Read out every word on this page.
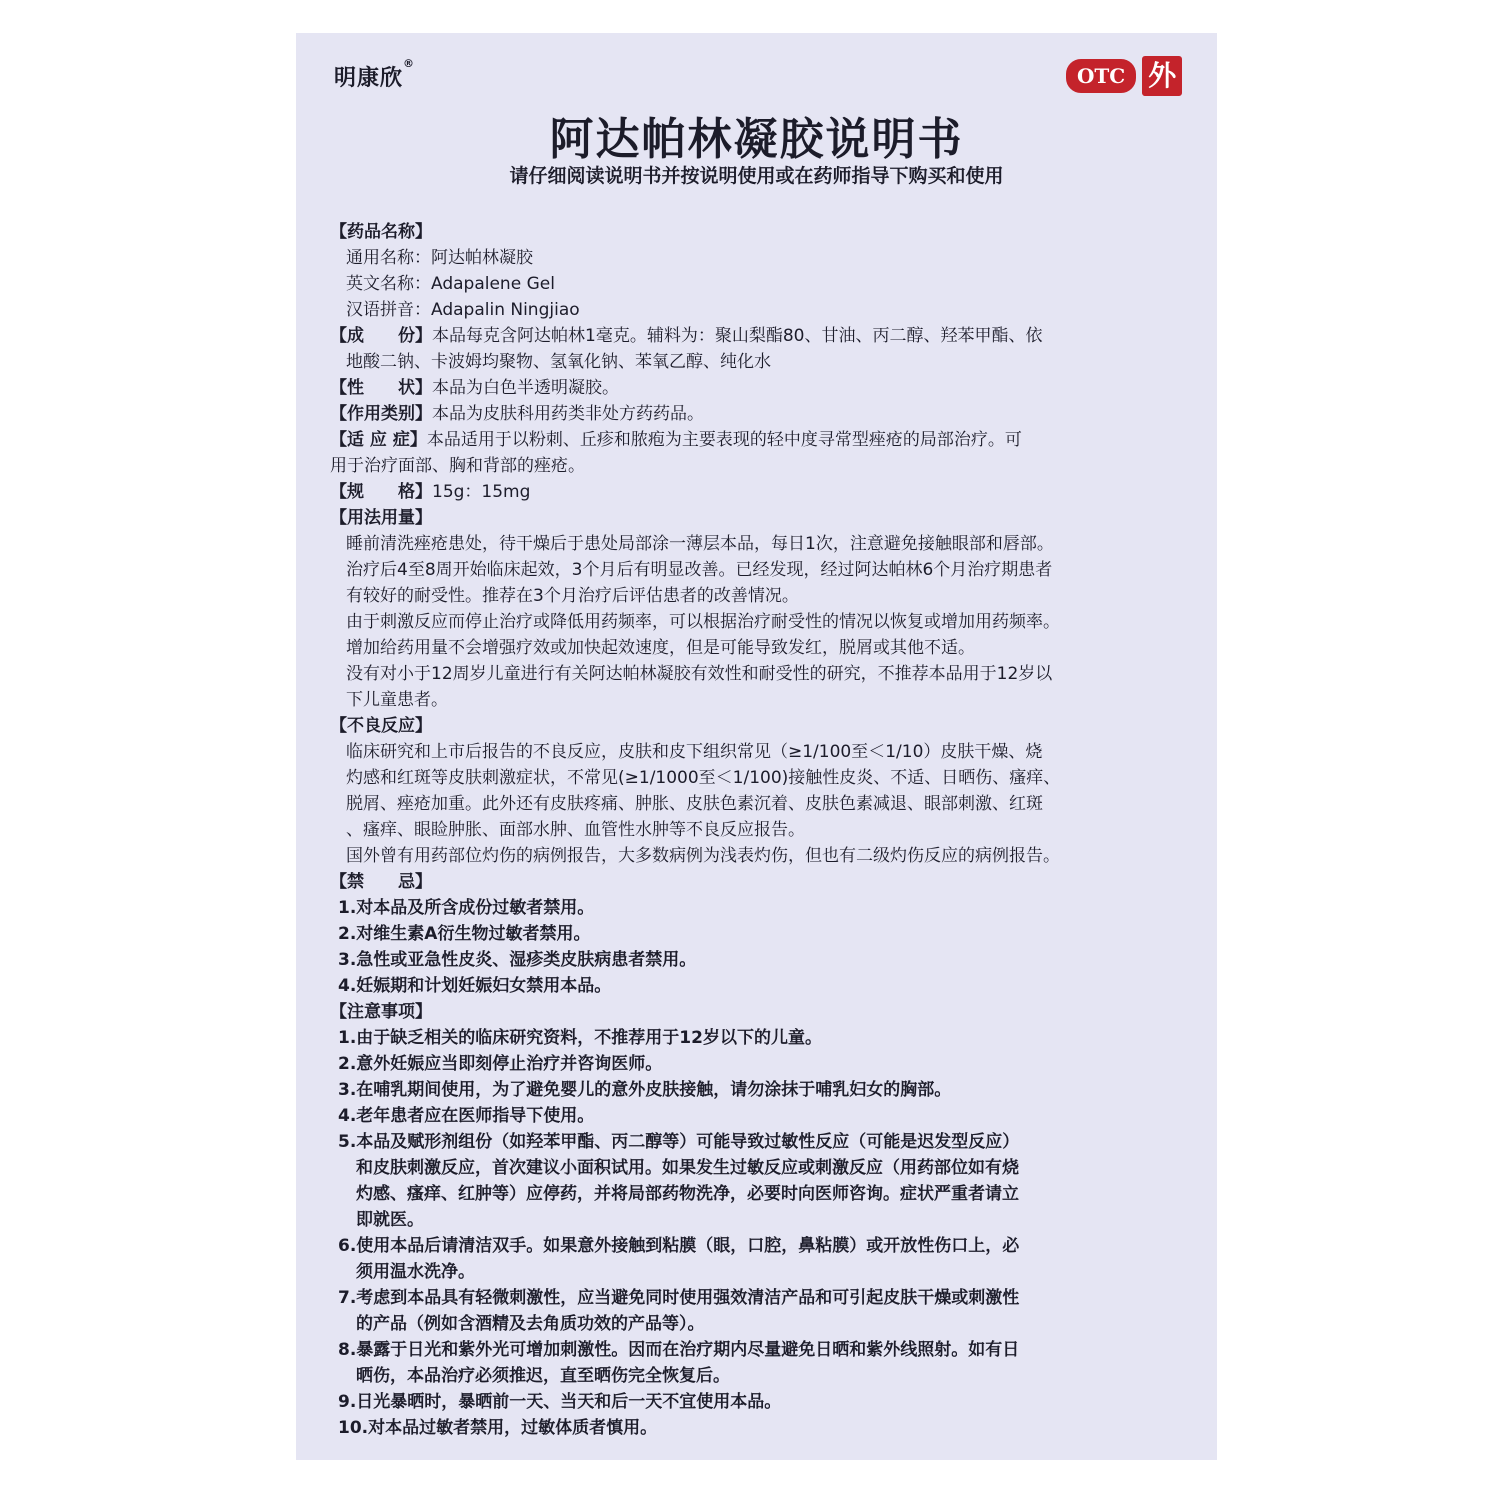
明康欣®
OTC 外
阿达帕林凝胶说明书
请仔细阅读说明书并按说明使用或在药师指导下购买和使用
【药品名称】
通用名称：阿达帕林凝胶
英文名称：Adapalene Gel
汉语拼音：Adapalin Ningjiao
【成　　份】本品每克含阿达帕林1毫克。辅料为：聚山梨酯80、甘油、丙二醇、羟苯甲酯、依
地酸二钠、卡波姆均聚物、氢氧化钠、苯氧乙醇、纯化水
【性　　状】本品为白色半透明凝胶。
【作用类别】本品为皮肤科用药类非处方药药品。
【适 应 症】本品适用于以粉刺、丘疹和脓疱为主要表现的轻中度寻常型痤疮的局部治疗。可
用于治疗面部、胸和背部的痤疮。
【规　　格】15g：15mg
【用法用量】
睡前清洗痤疮患处，待干燥后于患处局部涂一薄层本品，每日1次，注意避免接触眼部和唇部。
治疗后4至8周开始临床起效，3个月后有明显改善。已经发现，经过阿达帕林6个月治疗期患者
有较好的耐受性。推荐在3个月治疗后评估患者的改善情况。
由于刺激反应而停止治疗或降低用药频率，可以根据治疗耐受性的情况以恢复或增加用药频率。
增加给药用量不会增强疗效或加快起效速度，但是可能导致发红，脱屑或其他不适。
没有对小于12周岁儿童进行有关阿达帕林凝胶有效性和耐受性的研究，不推荐本品用于12岁以
下儿童患者。
【不良反应】
临床研究和上市后报告的不良反应，皮肤和皮下组织常见（≥1/100至＜1/10）皮肤干燥、烧
灼感和红斑等皮肤刺激症状，不常见(≥1/1000至＜1/100)接触性皮炎、不适、日晒伤、瘙痒、
脱屑、痤疮加重。此外还有皮肤疼痛、肿胀、皮肤色素沉着、皮肤色素减退、眼部刺激、红斑
、瘙痒、眼睑肿胀、面部水肿、血管性水肿等不良反应报告。
国外曾有用药部位灼伤的病例报告，大多数病例为浅表灼伤，但也有二级灼伤反应的病例报告。
【禁　　忌】
1.对本品及所含成份过敏者禁用。
2.对维生素A衍生物过敏者禁用。
3.急性或亚急性皮炎、湿疹类皮肤病患者禁用。
4.妊娠期和计划妊娠妇女禁用本品。
【注意事项】
1.由于缺乏相关的临床研究资料，不推荐用于12岁以下的儿童。
2.意外妊娠应当即刻停止治疗并咨询医师。
3.在哺乳期间使用，为了避免婴儿的意外皮肤接触，请勿涂抹于哺乳妇女的胸部。
4.老年患者应在医师指导下使用。
5.本品及赋形剂组份（如羟苯甲酯、丙二醇等）可能导致过敏性反应（可能是迟发型反应）
和皮肤刺激反应，首次建议小面积试用。如果发生过敏反应或刺激反应（用药部位如有烧
灼感、瘙痒、红肿等）应停药，并将局部药物洗净，必要时向医师咨询。症状严重者请立
即就医。
6.使用本品后请清洁双手。如果意外接触到粘膜（眼，口腔，鼻粘膜）或开放性伤口上，必
须用温水洗净。
7.考虑到本品具有轻微刺激性，应当避免同时使用强效清洁产品和可引起皮肤干燥或刺激性
的产品（例如含酒精及去角质功效的产品等）。
8.暴露于日光和紫外光可增加刺激性。因而在治疗期内尽量避免日晒和紫外线照射。如有日
晒伤，本品治疗必须推迟，直至晒伤完全恢复后。
9.日光暴晒时，暴晒前一天、当天和后一天不宜使用本品。
10.对本品过敏者禁用，过敏体质者慎用。
